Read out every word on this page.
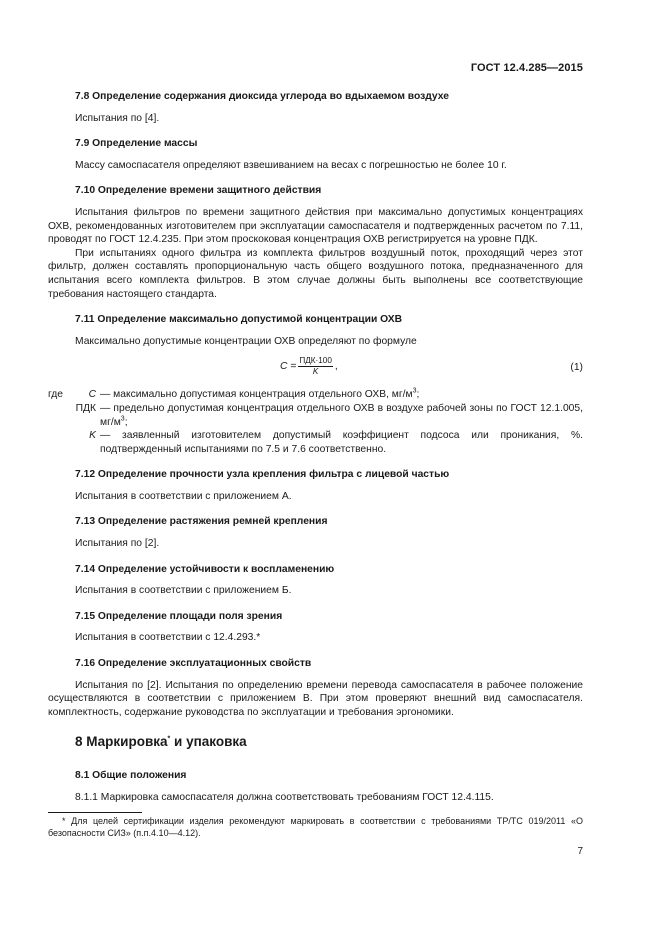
ГОСТ 12.4.285—2015
7.8 Определение содержания диоксида углерода во вдыхаемом воздухе
Испытания по [4].
7.9 Определение массы
Массу самоспасателя определяют взвешиванием на весах с погрешностью не более 10 г.
7.10 Определение времени защитного действия
Испытания фильтров по времени защитного действия при максимально допустимых концентрациях ОХВ, рекомендованных изготовителем при эксплуатации самоспасателя и подтвержденных расчетом по 7.11, проводят по ГОСТ 12.4.235. При этом проскоковая концентрация ОХВ регистрируется на уровне ПДК.
При испытаниях одного фильтра из комплекта фильтров воздушный поток, проходящий через этот фильтр, должен составлять пропорциональную часть общего воздушного потока, предназначенного для испытания всего комплекта фильтров. В этом случае должны быть выполнены все соответствующие требования настоящего стандарта.
7.11 Определение максимально допустимой концентрации ОХВ
Максимально допустимые концентрации ОХВ определяют по формуле
$C = \frac{\text{ПДК·100}}{K}$ ,	(1)
где C — максимально допустимая концентрация отдельного ОХВ, $мг/м^3$;
ПДК — предельно допустимая концентрация отдельного ОХВ в воздухе рабочей зоны по ГОСТ 12.1.005, $мг/м^3$;
K — заявленный изготовителем допустимый коэффициент подсоса или проникания, %. подтвержденный испытаниями по 7.5 и 7.6 соответственно.
7.12 Определение прочности узла крепления фильтра с лицевой частью
Испытания в соответствии с приложением А.
7.13 Определение растяжения ремней крепления
Испытания по [2].
7.14 Определение устойчивости к воспламенению
Испытания в соответствии с приложением Б.
7.15 Определение площади поля зрения
Испытания в соответствии с 12.4.293.*
7.16 Определение эксплуатационных свойств
Испытания по [2]. Испытания по определению времени перевода самоспасателя в рабочее положение осуществляются в соответствии с приложением В. При этом проверяют внешний вид самоспасателя. комплектность, содержание руководства по эксплуатации и требования эргономики.
8 Маркировка* и упаковка
8.1 Общие положения
8.1.1 Маркировка самоспасателя должна соответствовать требованиям ГОСТ 12.4.115.
* Для целей сертификации изделия рекомендуют маркировать в соответствии с требованиями ТР/ТС 019/2011 «О безопасности СИЗ» (п.п.4.10—4.12).
7
